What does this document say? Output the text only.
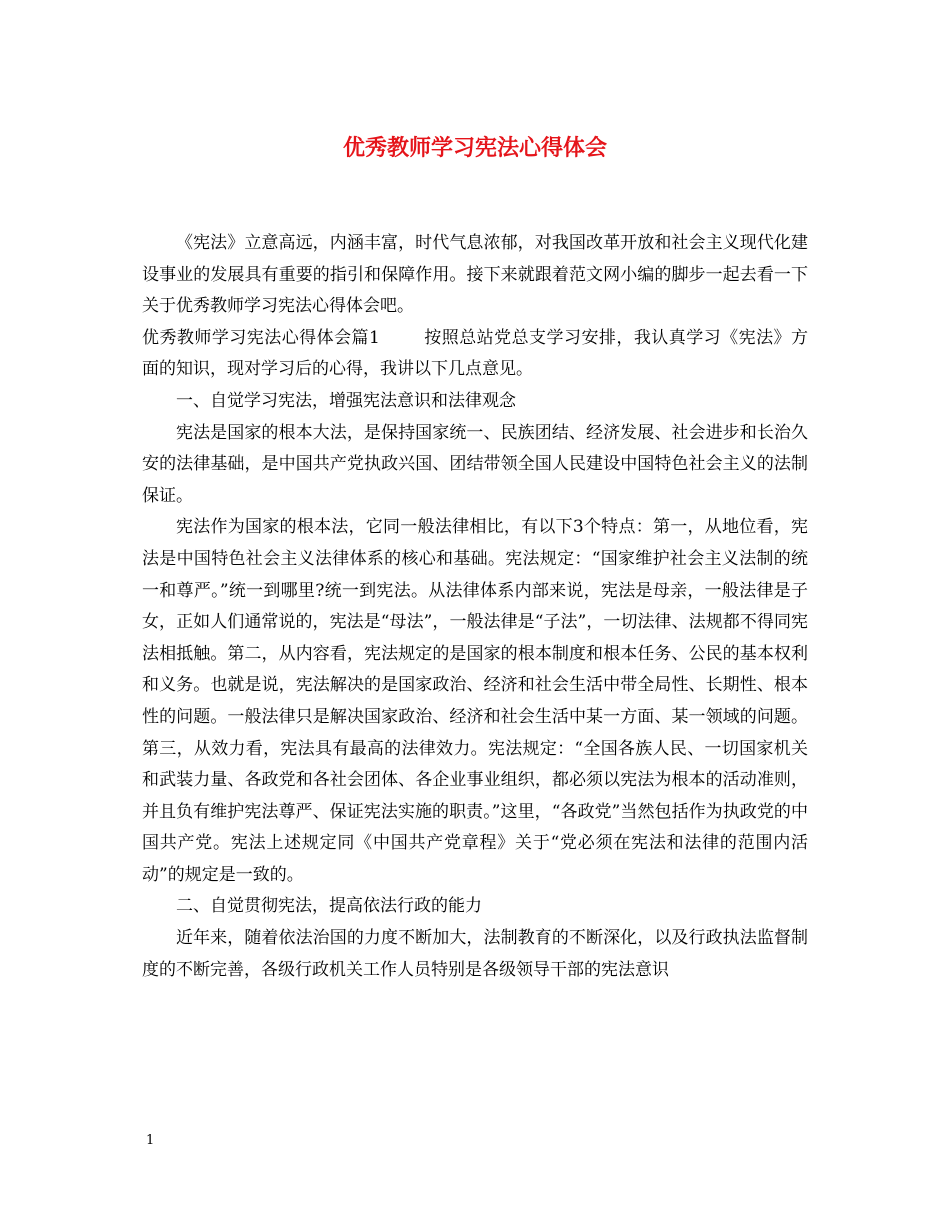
优秀教师学习宪法心得体会

《宪法》立意高远，内涵丰富，时代气息浓郁，对我国改革开放和社会主义现代化建设事业的发展具有重要的指引和保障作用。接下来就跟着范文网小编的脚步一起去看一下关于优秀教师学习宪法心得体会吧。

优秀教师学习宪法心得体会篇1	按照总站党总支学习安排，我认真学习《宪法》方面的知识，现对学习后的心得，我讲以下几点意见。

一、自觉学习宪法，增强宪法意识和法律观念

宪法是国家的根本大法，是保持国家统一、民族团结、经济发展、社会进步和长治久安的法律基础，是中国共产党执政兴国、团结带领全国人民建设中国特色社会主义的法制保证。

宪法作为国家的根本法，它同一般法律相比，有以下3个特点：第一，从地位看，宪法是中国特色社会主义法律体系的核心和基础。宪法规定：“国家维护社会主义法制的统一和尊严。”统一到哪里?统一到宪法。从法律体系内部来说，宪法是母亲，一般法律是子女，正如人们通常说的，宪法是“母法”，一般法律是“子法”，一切法律、法规都不得同宪法相抵触。第二，从内容看，宪法规定的是国家的根本制度和根本任务、公民的基本权利和义务。也就是说，宪法解决的是国家政治、经济和社会生活中带全局性、长期性、根本性的问题。一般法律只是解决国家政治、经济和社会生活中某一方面、某一领域的问题。第三，从效力看，宪法具有最高的法律效力。宪法规定：“全国各族人民、一切国家机关和武装力量、各政党和各社会团体、各企业事业组织，都必须以宪法为根本的活动准则，并且负有维护宪法尊严、保证宪法实施的职责。”这里，“各政党”当然包括作为执政党的中国共产党。宪法上述规定同《中国共产党章程》关于“党必须在宪法和法律的范围内活动”的规定是一致的。

二、自觉贯彻宪法，提高依法行政的能力

近年来，随着依法治国的力度不断加大，法制教育的不断深化，以及行政执法监督制度的不断完善，各级行政机关工作人员特别是各级领导干部的宪法意识

1
